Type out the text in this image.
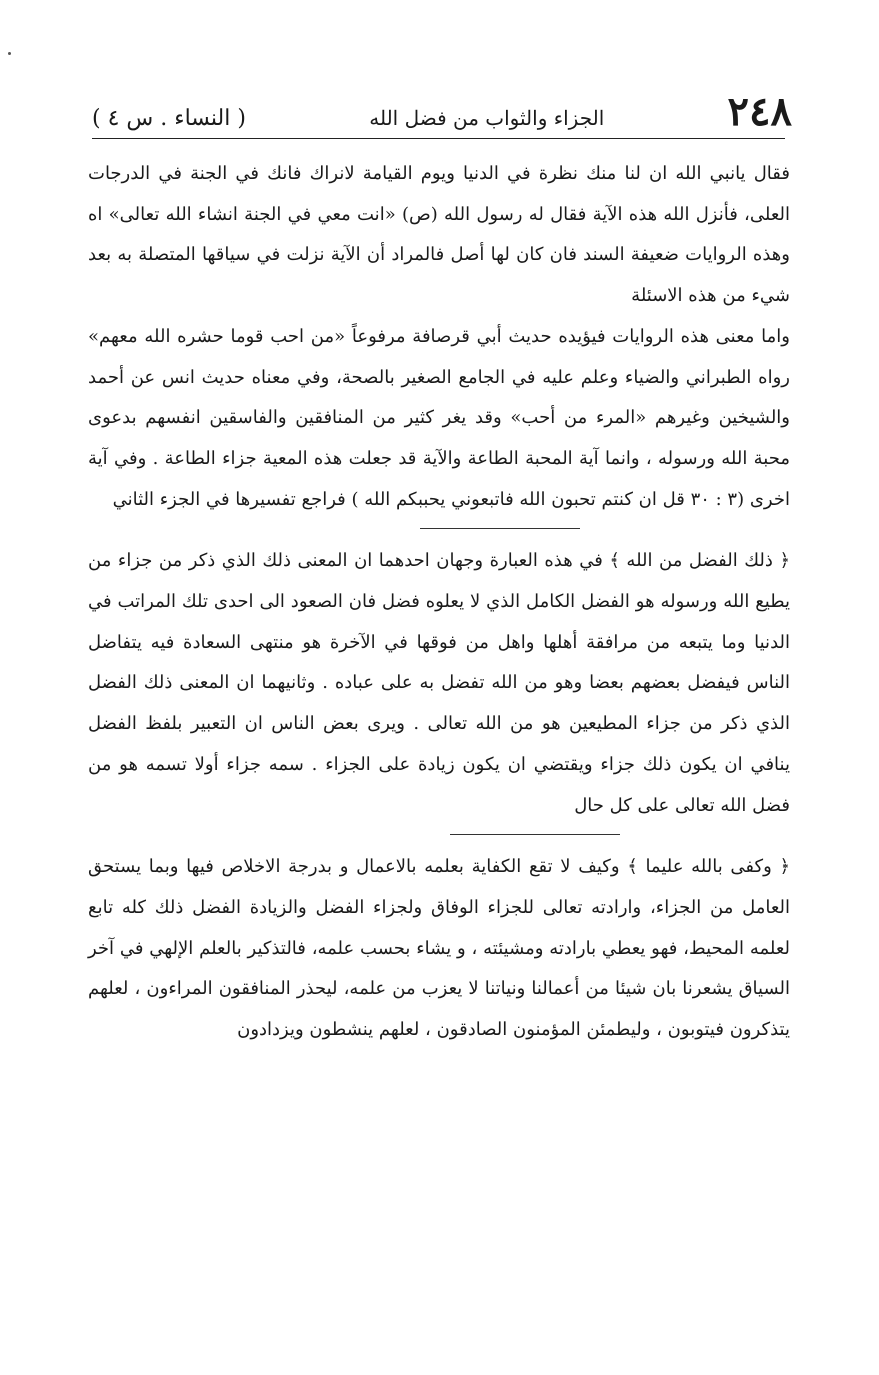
٢٤٨
الجزاء والثواب من فضل الله
( النساء . س ٤ )

فقال يانبي الله ان لنا منك نظرة في الدنيا ويوم القيامة لانراك فانك في الجنة في الدرجات العلى، فأنزل الله هذه الآية فقال له رسول الله (ص) «انت معي في الجنة انشاء الله تعالى» اه وهذه الروايات ضعيفة السند فان كان لها أصل فالمراد أن الآية نزلت في سياقها المتصلة به بعد شيء من هذه الاسئلة

واما معنى هذه الروايات فيؤيده حديث أبي قرصافة مرفوعاً «من احب قوما حشره الله معهم» رواه الطبراني والضياء وعلم عليه في الجامع الصغير بالصحة، وفي معناه حديث انس عن أحمد والشيخين وغيرهم «المرء من أحب» وقد يغر كثير من المنافقين والفاسقين انفسهم بدعوى محبة الله ورسوله ، وانما آية المحبة الطاعة والآية قد جعلت هذه المعية جزاء الطاعة . وفي آية اخرى (٣ : ٣٠ قل ان كنتم تحبون الله فاتبعوني يحببكم الله ) فراجع تفسيرها في الجزء الثاني

﴿ ذلك الفضل من الله ﴾ في هذه العبارة وجهان احدهما ان المعنى ذلك الذي ذكر من جزاء من يطيع الله ورسوله هو الفضل الكامل الذي لا يعلوه فضل فان الصعود الى احدى تلك المراتب في الدنيا وما يتبعه من مرافقة أهلها واهل من فوقها في الآخرة هو منتهى السعادة فيه يتفاضل الناس فيفضل بعضهم بعضا وهو من الله تفضل به على عباده . وثانيهما ان المعنى ذلك الفضل الذي ذكر من جزاء المطيعين هو من الله تعالى . ويرى بعض الناس ان التعبير بلفظ الفضل ينافي ان يكون ذلك جزاء ويقتضي ان يكون زيادة على الجزاء . سمه جزاء أولا تسمه هو من فضل الله تعالى على كل حال

﴿ وكفى بالله عليما ﴾ وكيف لا تقع الكفاية بعلمه بالاعمال و بدرجة الاخلاص فيها وبما يستحق العامل من الجزاء، وارادته تعالى للجزاء الوفاق ولجزاء الفضل والزيادة الفضل ذلك كله تابع لعلمه المحيط، فهو يعطي بارادته ومشيئته ، و يشاء بحسب علمه، فالتذكير بالعلم الإلهي في آخر السياق يشعرنا بان شيئا من أعمالنا ونياتنا لا يعزب من علمه، ليحذر المنافقون المراءون ، لعلهم يتذكرون فيتوبون ، وليطمئن المؤمنون الصادقون ، لعلهم ينشطون ويزدادون
